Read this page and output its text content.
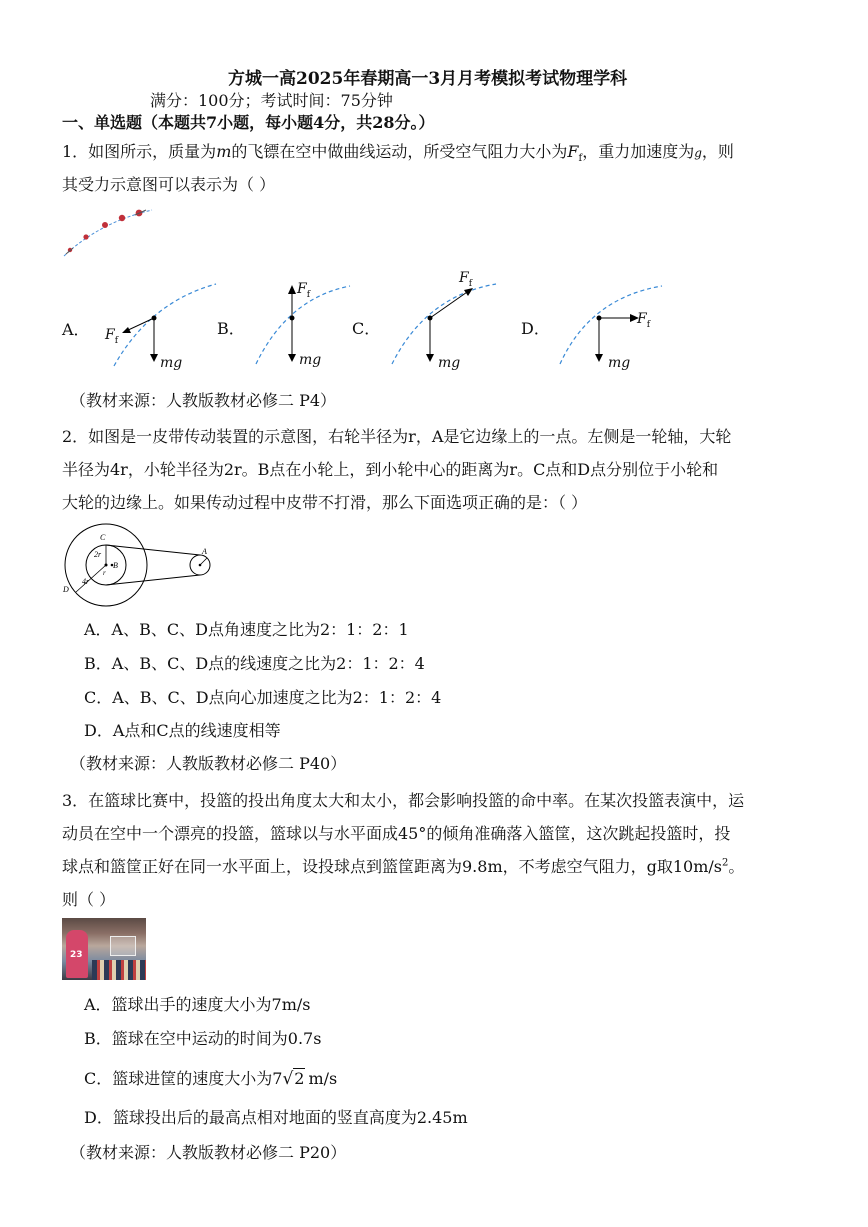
方城一高2025年春期高一3月月考模拟考试物理学科
满分：100分；考试时间：75分钟
一、单选题（本题共7小题，每小题4分，共28分。）
1．如图所示，质量为m的飞镖在空中做曲线运动，所受空气阻力大小为$F_f$，重力加速度为g，则
其受力示意图可以表示为（ ）
A． $F_f$
mg
B．
$F_f$
mg
C．
$F_f$
mg
D．	$F_f$
mg
（教材来源：人教版教材必修二 P4）
2．如图是一皮带传动装置的示意图，右轮半径为r，A是它边缘上的一点。左侧是一轮轴，大轮
半径为4r，小轮半径为2r。B点在小轮上，到小轮中心的距离为r。C点和D点分别位于小轮和
大轮的边缘上。如果传动过程中皮带不打滑，那么下面选项正确的是：（ ）
C
2r
B
r
4r
D
A
A．A、B、C、D点角速度之比为2：1：2：1
B．A、B、C、D点的线速度之比为2：1：2：4
C．A、B、C、D点向心加速度之比为2：1：2：4
D．A点和C点的线速度相等
（教材来源：人教版教材必修二 P40）
3．在篮球比赛中，投篮的投出角度太大和太小，都会影响投篮的命中率。在某次投篮表演中，运
动员在空中一个漂亮的投篮，篮球以与水平面成45°的倾角准确落入篮筐，这次跳起投篮时，投
球点和篮筐正好在同一水平面上，设投球点到篮筐距离为9.8m，不考虑空气阻力，g取$10m/s^2$。
则（ ）
23
A．篮球出手的速度大小为7m/s
B．篮球在空中运动的时间为0.7s
C．篮球进筐的速度大小为7√2 m/s
D．篮球投出后的最高点相对地面的竖直高度为2.45m
（教材来源：人教版教材必修二 P20）
